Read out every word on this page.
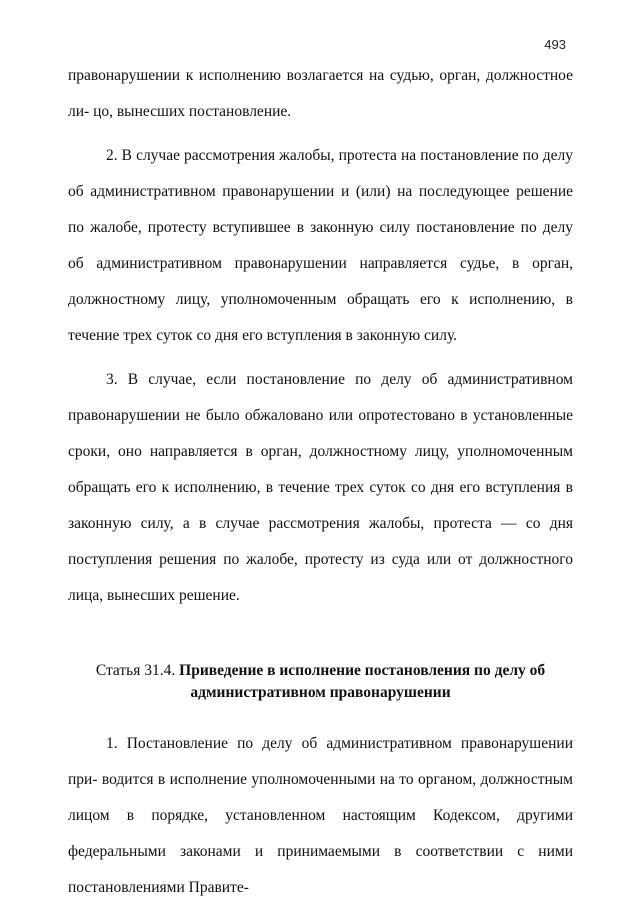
493

правонарушении к исполнению возлагается на судью, орган, должностное ли- цо, вынесших постановление.

2. В случае рассмотрения жалобы, протеста на постановление по делу об административном правонарушении и (или) на последующее решение по жалобе, протесту вступившее в законную силу постановление по делу об административном правонарушении направляется судье, в орган, должностному лицу, уполномоченным обращать его к исполнению, в течение трех суток со дня его вступления в законную силу.

3. В случае, если постановление по делу об административном правонарушении не было обжаловано или опротестовано в установленные сроки, оно направляется в орган, должностному лицу, уполномоченным обращать его к исполнению, в течение трех суток со дня его вступления в законную силу, а в случае рассмотрения жалобы, протеста — со дня поступления решения по жалобе, протесту из суда или от должностного лица, вынесших решение.

Статья 31.4. Приведение в исполнение постановления по делу об административном правонарушении

1. Постановление по делу об административном правонарушении при- водится в исполнение уполномоченными на то органом, должностным лицом в порядке, установленном настоящим Кодексом, другими федеральными законами и принимаемыми в соответствии с ними постановлениями Правите-
